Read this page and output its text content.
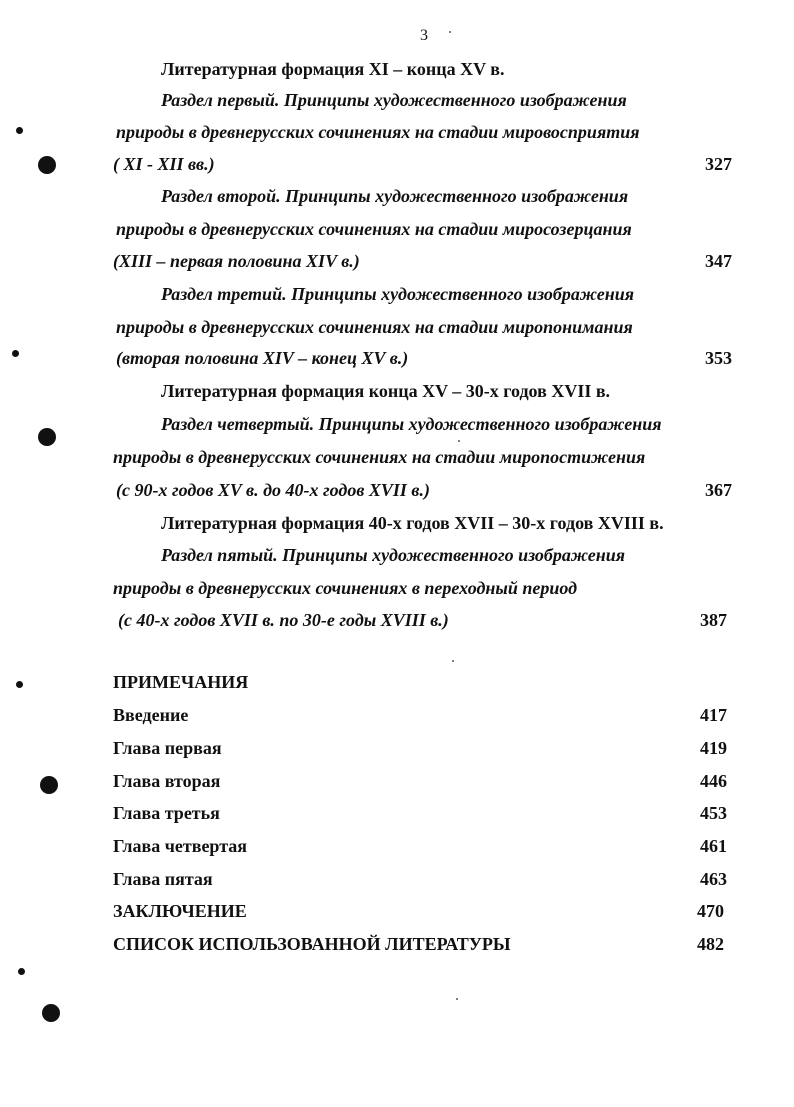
3
Литературная формация XI – конца XV в.
Раздел первый. Принципы художественного изображения
природы в древнерусских сочинениях на стадии мировосприятия
( XI - XII вв.)	327
Раздел второй. Принципы художественного изображения
природы в древнерусских сочинениях на стадии миросозерцания
(XIII – первая половина XIV в.)	347
Раздел третий. Принципы художественного изображения
природы в древнерусских сочинениях на стадии миропонимания
(вторая половина XIV – конец XV в.)	353
Литературная формация конца XV – 30-х годов XVII в.
Раздел четвертый. Принципы художественного изображения
природы в древнерусских сочинениях на стадии миропостижения
(с 90-х годов XV в. до 40-х годов XVII в.)	367
Литературная формация 40-х годов XVII – 30-х годов XVIII в.
Раздел пятый. Принципы художественного изображения
природы в древнерусских сочинениях в переходный период
(с 40-х годов XVII в. по 30-е годы XVIII в.)	387
ПРИМЕЧАНИЯ
Введение	417
Глава первая	419
Глава вторая	446
Глава третья	453
Глава четвертая	461
Глава пятая	463
ЗАКЛЮЧЕНИЕ	470
СПИСОК ИСПОЛЬЗОВАННОЙ ЛИТЕРАТУРЫ	482
